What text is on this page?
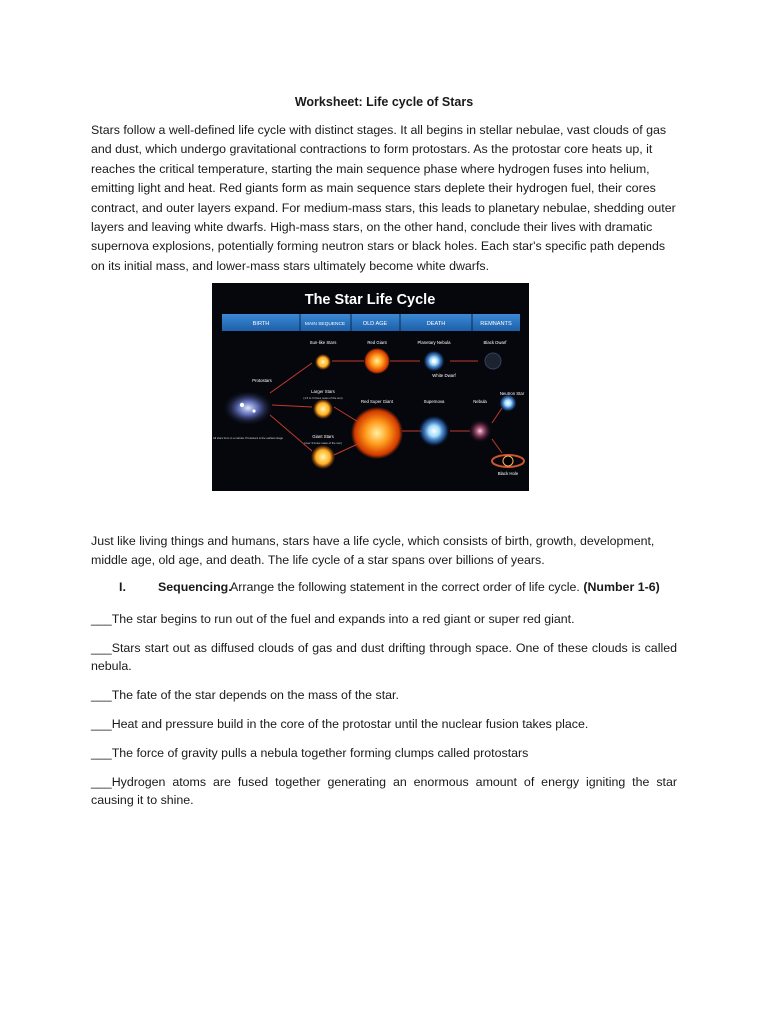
Worksheet: Life cycle of Stars
Stars follow a well-defined life cycle with distinct stages. It all begins in stellar nebulae, vast clouds of gas and dust, which undergo gravitational contractions to form protostars. As the protostar core heats up, it reaches the critical temperature, starting the main sequence phase where hydrogen fuses into helium, emitting light and heat. Red giants form as main sequence stars deplete their hydrogen fuel, their cores contract, and outer layers expand. For medium-mass stars, this leads to planetary nebulae, shedding outer layers and leaving white dwarfs. High-mass stars, on the other hand, conclude their lives with dramatic supernova explosions, potentially forming neutron stars or black holes. Each star's specific path depends on its initial mass, and lower-mass stars ultimately become white dwarfs.
The Star Life Cycle
BIRTH	MAIN SEQUENCE	OLD AGE	DEATH	REMNANTS
Sun-like Stars	Red Giant	Planetary Nebula	Black Dwarf
White Dwarf
Protostars
Larger Stars
(1.5 to 3 times mass of the sun)
Red Super Giant	Supernova	Nebula
Neutron Star
Giant Stars
(over 3 times mass of the sun)
All stars born in a nebula. Protostars is the earliest stage
Black Hole
Just like living things and humans, stars have a life cycle, which consists of birth, growth, development, middle age, old age, and death. The life cycle of a star spans over billions of years.
I.	Sequencing.
Arrange the following statement in the correct order of life cycle. (Number 1-6)
___The star begins to run out of the fuel and expands into a red giant or super red giant.
___Stars start out as diffused clouds of gas and dust drifting through space. One of these clouds is called nebula.
___The fate of the star depends on the mass of the star.
___Heat and pressure build in the core of the protostar until the nuclear fusion takes place.
___The force of gravity pulls a nebula together forming clumps called protostars
___Hydrogen atoms are fused together generating an enormous amount of energy igniting the star causing it to shine.
